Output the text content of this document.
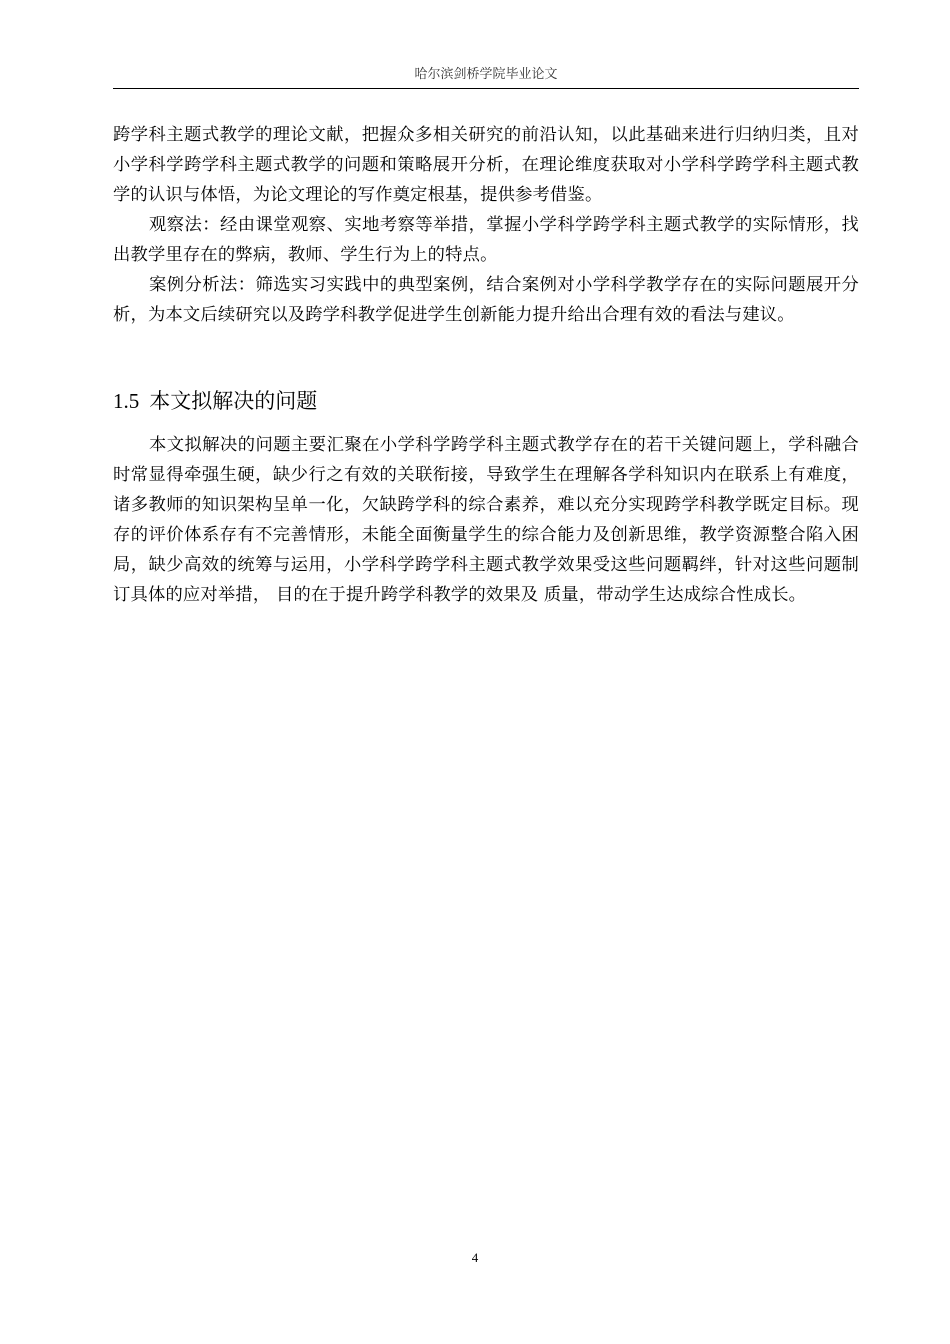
哈尔滨剑桥学院毕业论文

跨学科主题式教学的理论文献，把握众多相关研究的前沿认知，以此基础来进行归纳归类，且对小学科学跨学科主题式教学的问题和策略展开分析，在理论维度获取对小学科学跨学科主题式教学的认识与体悟，为论文理论的写作奠定根基，提供参考借鉴。

观察法：经由课堂观察、实地考察等举措，掌握小学科学跨学科主题式教学的实际情形，找出教学里存在的弊病，教师、学生行为上的特点。

案例分析法：筛选实习实践中的典型案例，结合案例对小学科学教学存在的实际问题展开分析，为本文后续研究以及跨学科教学促进学生创新能力提升给出合理有效的看法与建议。

1.5 本文拟解决的问题

本文拟解决的问题主要汇聚在小学科学跨学科主题式教学存在的若干关键问题上，学科融合时常显得牵强生硬，缺少行之有效的关联衔接，导致学生在理解各学科知识内在联系上有难度，诸多教师的知识架构呈单一化，欠缺跨学科的综合素养，难以充分实现跨学科教学既定目标。现存的评价体系存有不完善情形，未能全面衡量学生的综合能力及创新思维，教学资源整合陷入困局，缺少高效的统筹与运用，小学科学跨学科主题式教学效果受这些问题羁绊，针对这些问题制订具体的应对举措， 目的在于提升跨学科教学的效果及 质量，带动学生达成综合性成长。

4
